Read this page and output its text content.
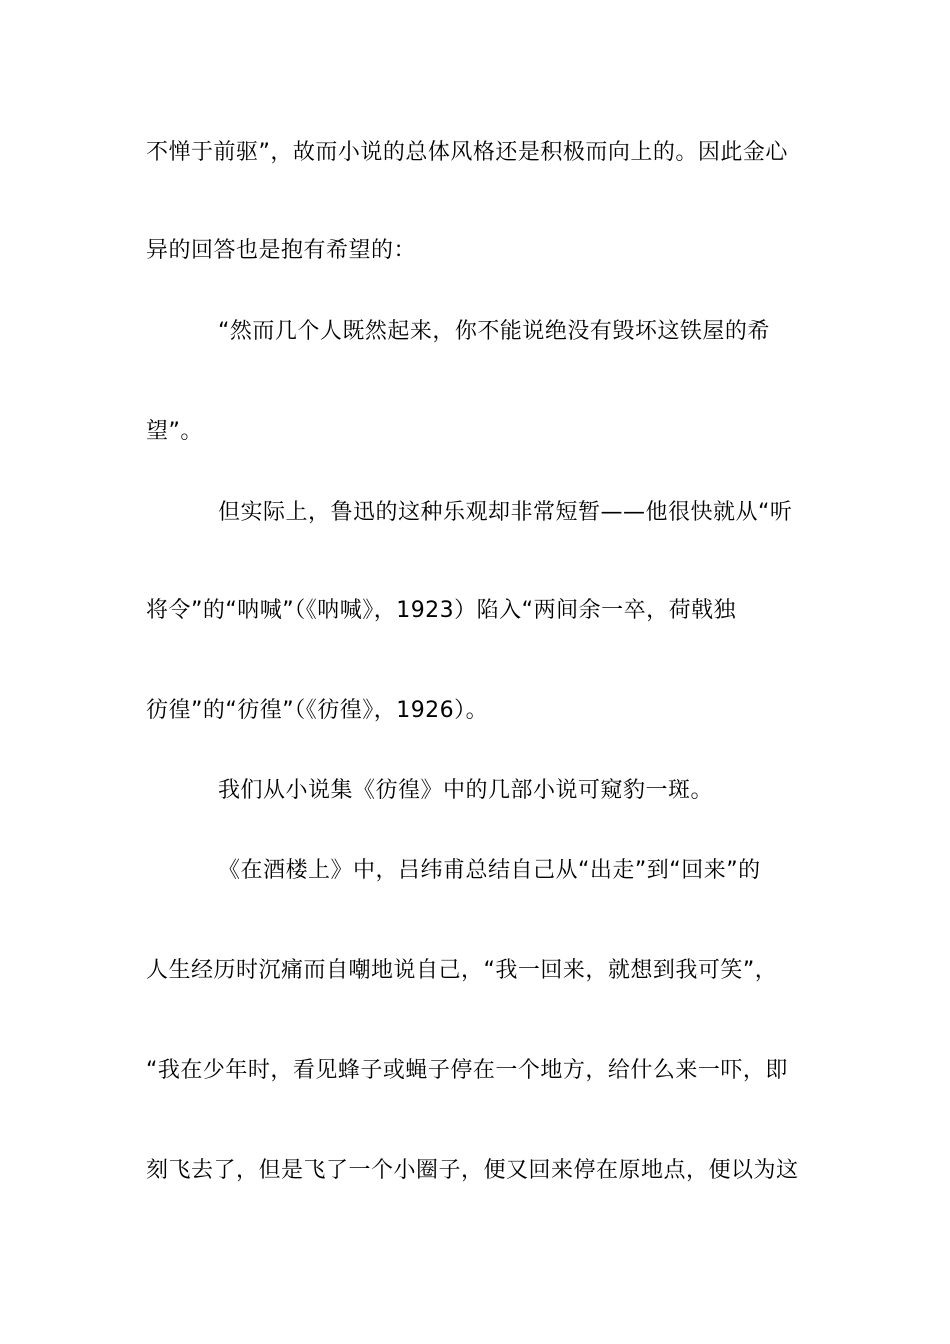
不惮于前驱”，故而小说的总体风格还是积极而向上的。因此金心
异的回答也是抱有希望的：
“然而几个人既然起来，你不能说绝没有毁坏这铁屋的希
望”。
但实际上，鲁迅的这种乐观却非常短暂——他很快就从“听
将令”的“呐喊”（《呐喊》，1923）陷入“两间余一卒，荷戟独
彷徨”的“彷徨”（《彷徨》，1926）。
我们从小说集《彷徨》中的几部小说可窥豹一斑。
《在酒楼上》中，吕纬甫总结自己从“出走”到“回来”的
人生经历时沉痛而自嘲地说自己，“我一回来，就想到我可笑”，
“我在少年时，看见蜂子或蝇子停在一个地方，给什么来一吓，即
刻飞去了，但是飞了一个小圈子，便又回来停在原地点，便以为这
